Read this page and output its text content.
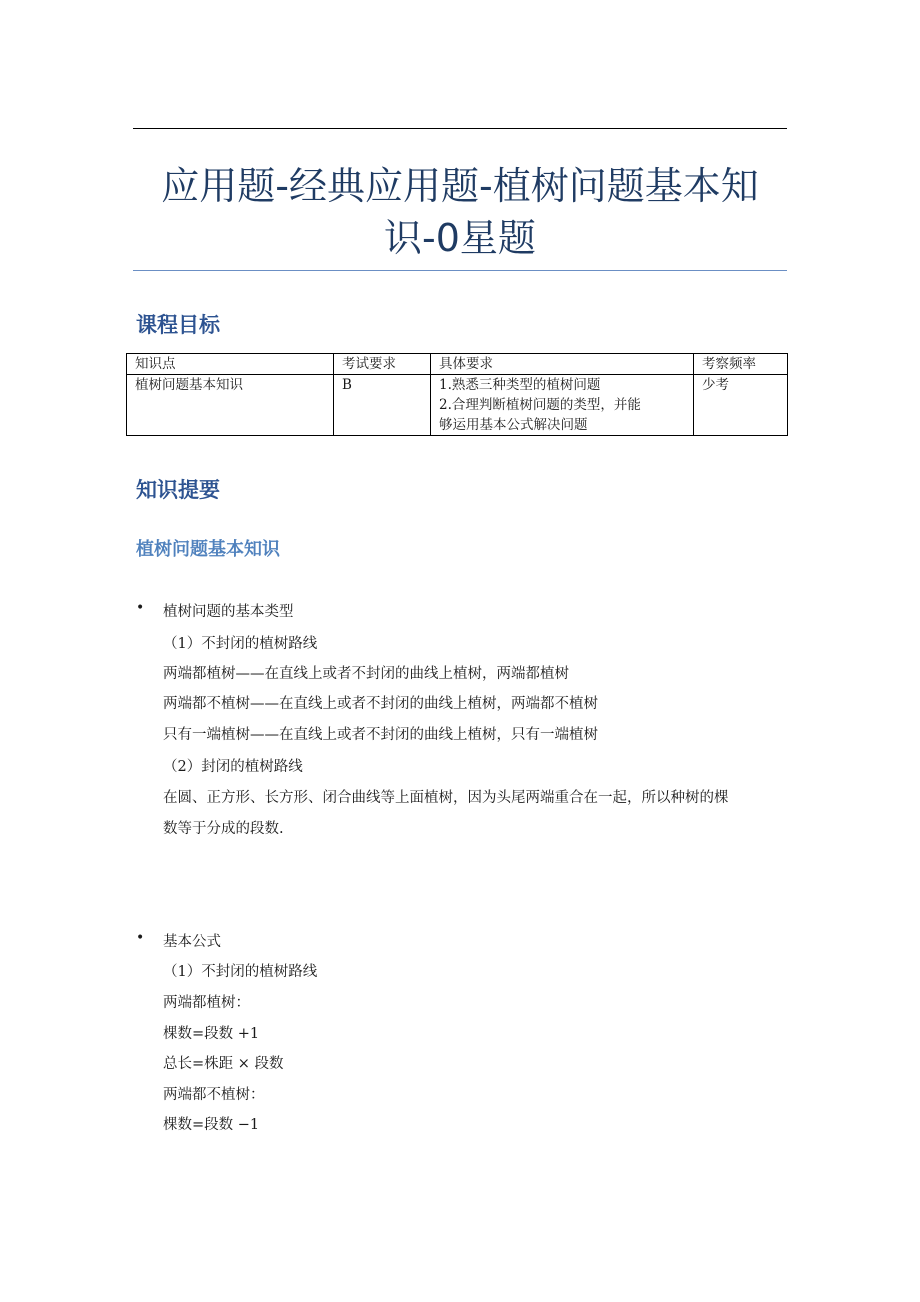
应用题-经典应用题-植树问题基本知
识-0星题
课程目标
知识点	考试要求	具体要求	考察频率
植树问题基本知识	B	1.熟悉三种类型的植树问题
2.合理判断植树问题的类型，并能
够运用基本公式解决问题	少考
知识提要
植树问题基本知识
• 植树问题的基本类型
（1）不封闭的植树路线
两端都植树——在直线上或者不封闭的曲线上植树，两端都植树
两端都不植树——在直线上或者不封闭的曲线上植树，两端都不植树
只有一端植树——在直线上或者不封闭的曲线上植树，只有一端植树
（2）封闭的植树路线
在圆、正方形、长方形、闭合曲线等上面植树，因为头尾两端重合在一起，所以种树的棵
数等于分成的段数.
• 基本公式
（1）不封闭的植树路线
两端都植树：
棵数=段数 +1
总长=株距 × 段数
两端都不植树：
棵数=段数 −1
